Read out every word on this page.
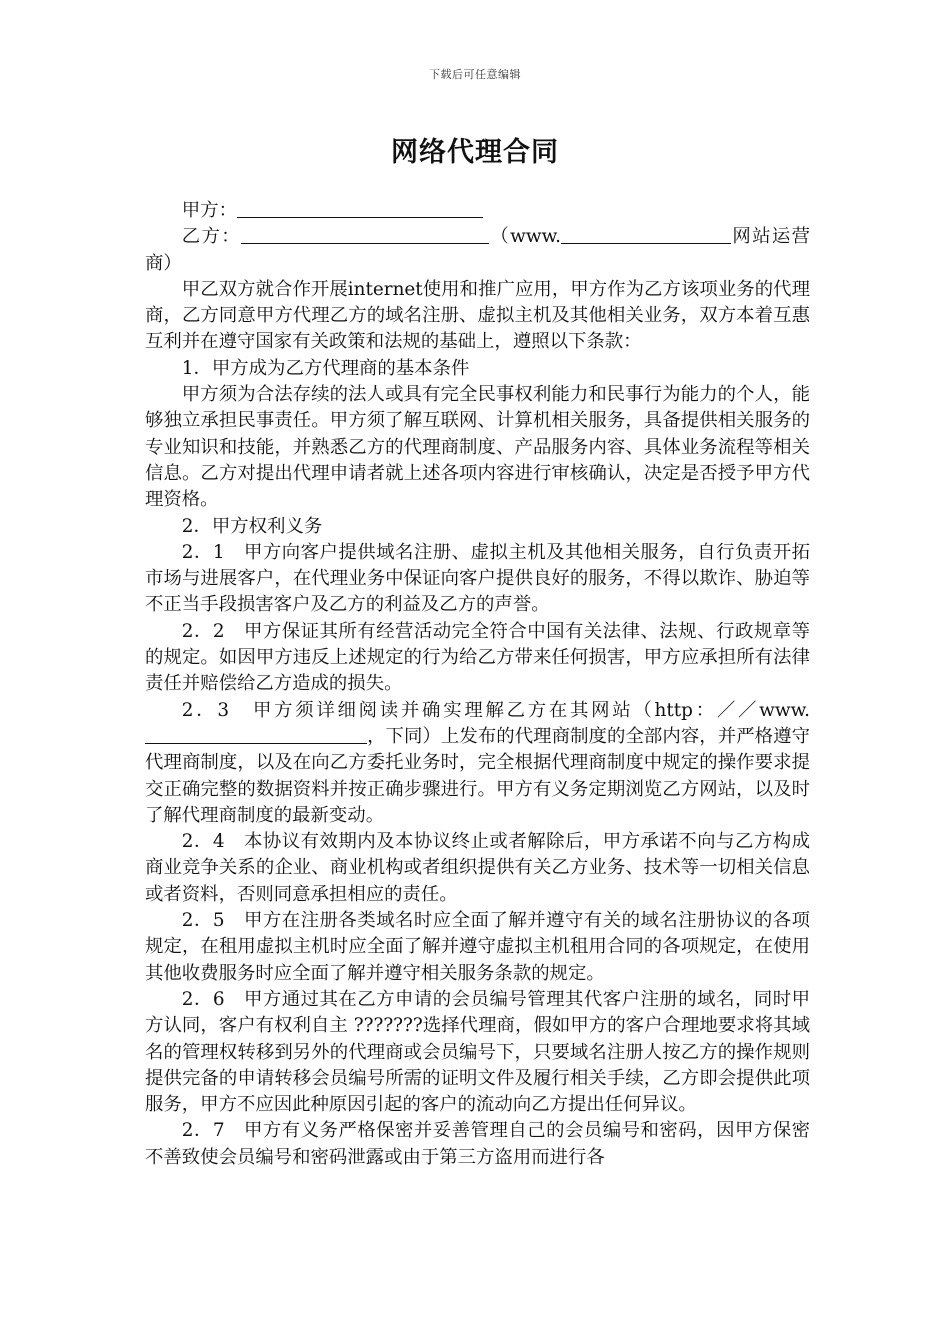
下载后可任意编辑
网络代理合同

甲方：

乙方：	（www.	网站运营商）

甲乙双方就合作开展internet使用和推广应用，甲方作为乙方该项业务的代理商，乙方同意甲方代理乙方的域名注册、虚拟主机及其他相关业务，双方本着互惠互利并在遵守国家有关政策和法规的基础上，遵照以下条款：

1．甲方成为乙方代理商的基本条件

甲方须为合法存续的法人或具有完全民事权利能力和民事行为能力的个人，能够独立承担民事责任。甲方须了解互联网、计算机相关服务，具备提供相关服务的专业知识和技能，并熟悉乙方的代理商制度、产品服务内容、具体业务流程等相关信息。乙方对提出代理申请者就上述各项内容进行审核确认，决定是否授予甲方代理资格。

2．甲方权利义务

2．1　甲方向客户提供域名注册、虚拟主机及其他相关服务，自行负责开拓市场与进展客户，在代理业务中保证向客户提供良好的服务，不得以欺诈、胁迫等不正当手段损害客户及乙方的利益及乙方的声誉。

2．2　甲方保证其所有经营活动完全符合中国有关法律、法规、行政规章等的规定。如因甲方违反上述规定的行为给乙方带来任何损害，甲方应承担所有法律责任并赔偿给乙方造成的损失。

2．3　甲方须详细阅读并确实理解乙方在其网站（http：／／www.，下同）上发布的代理商制度的全部内容，并严格遵守代理商制度，以及在向乙方委托业务时，完全根据代理商制度中规定的操作要求提交正确完整的数据资料并按正确步骤进行。甲方有义务定期浏览乙方网站，以及时了解代理商制度的最新变动。

2．4　本协议有效期内及本协议终止或者解除后，甲方承诺不向与乙方构成商业竞争关系的企业、商业机构或者组织提供有关乙方业务、技术等一切相关信息或者资料，否则同意承担相应的责任。

2．5　甲方在注册各类域名时应全面了解并遵守有关的域名注册协议的各项规定，在租用虚拟主机时应全面了解并遵守虚拟主机租用合同的各项规定，在使用其他收费服务时应全面了解并遵守相关服务条款的规定。

2．6　甲方通过其在乙方申请的会员编号管理其代客户注册的域名，同时甲方认同，客户有权利自主 ???????选择代理商，假如甲方的客户合理地要求将其域名的管理权转移到另外的代理商或会员编号下，只要域名注册人按乙方的操作规则提供完备的申请转移会员编号所需的证明文件及履行相关手续，乙方即会提供此项服务，甲方不应因此种原因引起的客户的流动向乙方提出任何异议。

2．7　甲方有义务严格保密并妥善管理自己的会员编号和密码，因甲方保密不善致使会员编号和密码泄露或由于第三方盗用而进行各
